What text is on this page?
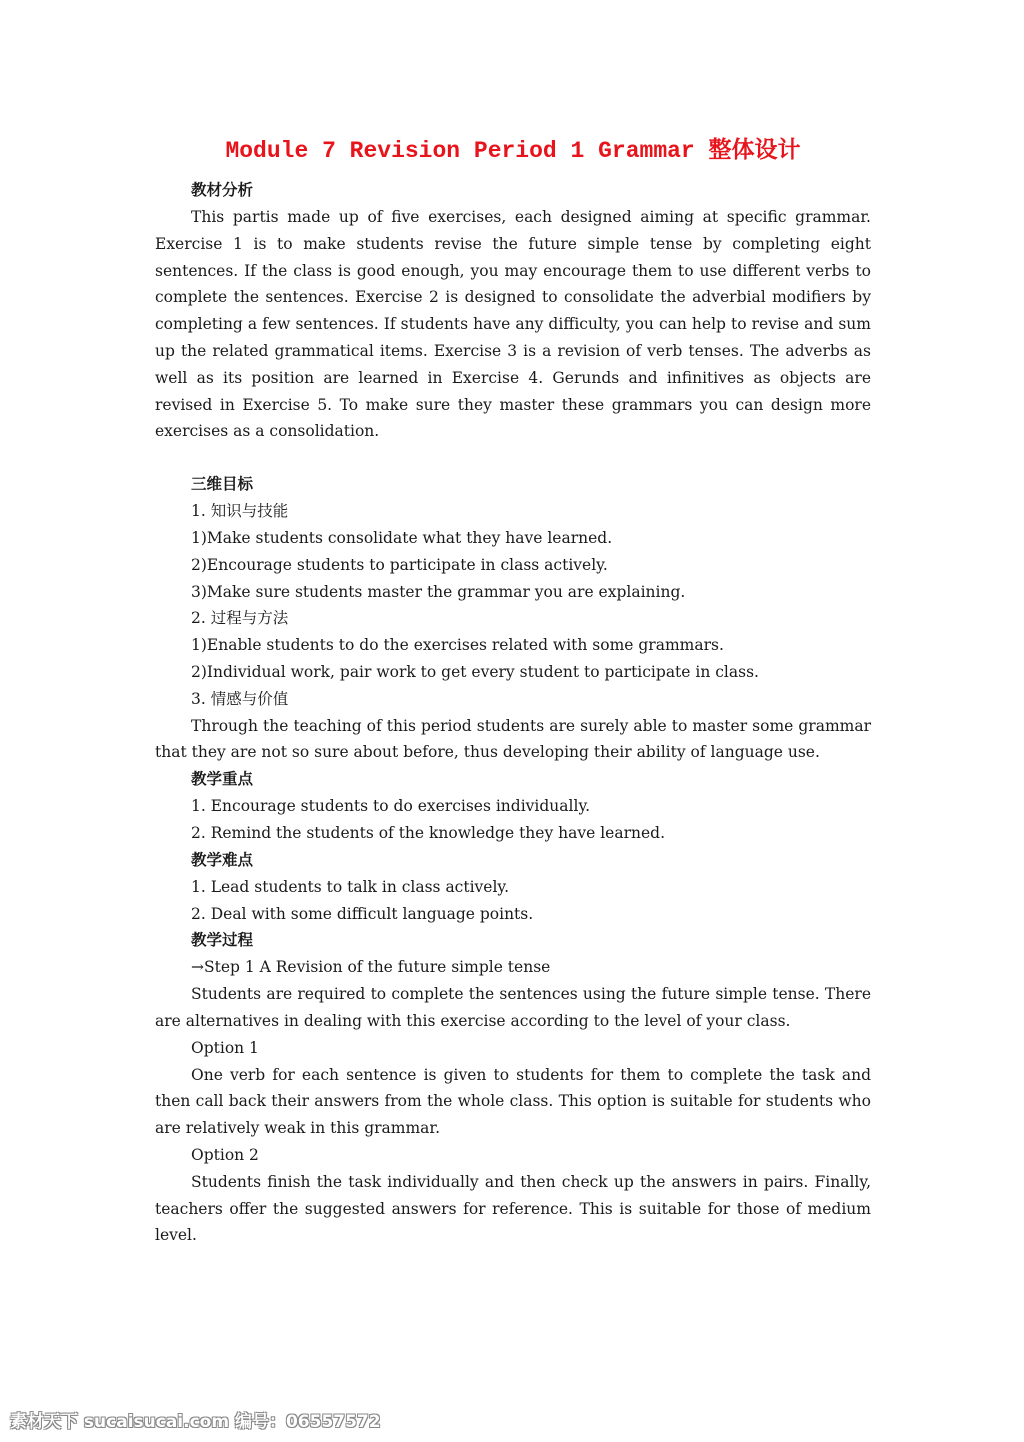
Module 7 Revision Period 1 Grammar 整体设计
教材分析

This partis made up of five exercises, each designed aiming at specific grammar. Exercise 1 is to make students revise the future simple tense by completing eight sentences. If the class is good enough, you may encourage them to use different verbs to complete the sentences. Exercise 2 is designed to consolidate the adverbial modifiers by completing a few sentences. If students have any difficulty, you can help to revise and sum up the related grammatical items. Exercise 3 is a revision of verb tenses. The adverbs as well as its position are learned in Exercise 4. Gerunds and infinitives as objects are revised in Exercise 5. To make sure they master these grammars you can design more exercises as a consolidation.

三维目标
1. 知识与技能
1)Make students consolidate what they have learned.
2)Encourage students to participate in class actively.
3)Make sure students master the grammar you are explaining.
2. 过程与方法
1)Enable students to do the exercises related with some grammars.
2)Individual work, pair work to get every student to participate in class.
3. 情感与价值

Through the teaching of this period students are surely able to master some grammar that they are not so sure about before, thus developing their ability of language use.

教学重点
1. Encourage students to do exercises individually.
2. Remind the students of the knowledge they have learned.
教学难点
1. Lead students to talk in class actively.
2. Deal with some difficult language points.
教学过程
→Step 1 A Revision of the future simple tense

Students are required to complete the sentences using the future simple tense. There are alternatives in dealing with this exercise according to the level of your class.

Option 1

One verb for each sentence is given to students for them to complete the task and then call back their answers from the whole class. This option is suitable for students who are relatively weak in this grammar.

Option 2

Students finish the task individually and then check up the answers in pairs. Finally, teachers offer the suggested answers for reference. This is suitable for those of medium level.

素材天下 sucaisucai.com 编号：06557572
